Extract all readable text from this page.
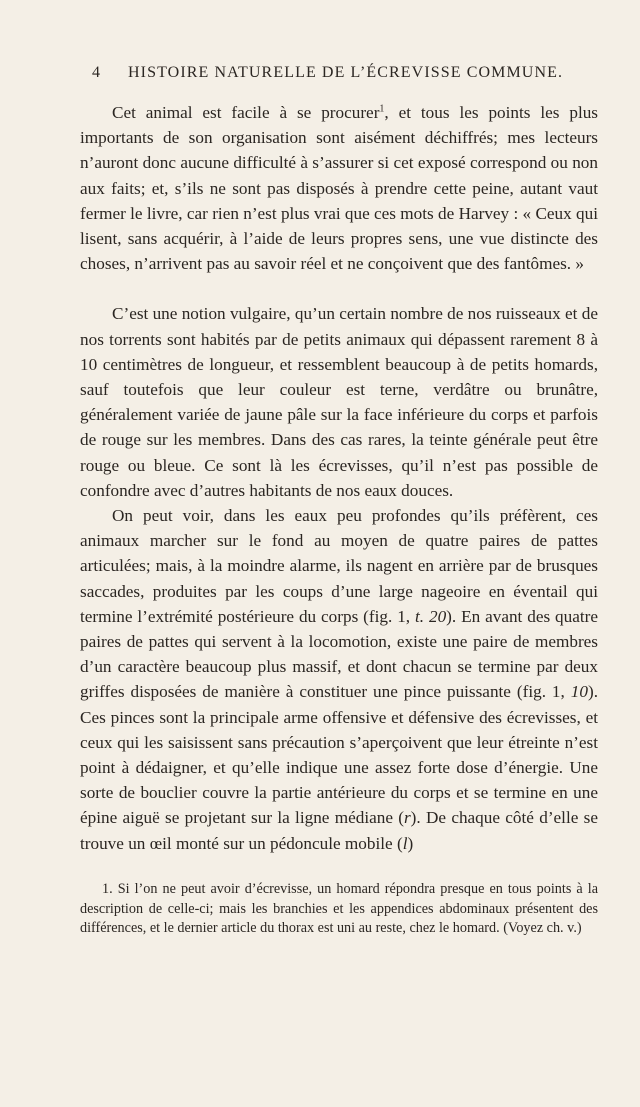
4 HISTOIRE NATURELLE DE L’ÉCREVISSE COMMUNE.

Cet animal est facile à se procurer$^1$, et tous les points les plus importants de son organisation sont aisément déchiffrés; mes lecteurs n’auront donc aucune difficulté à s’assurer si cet exposé correspond ou non aux faits; et, s’ils ne sont pas disposés à prendre cette peine, autant vaut fermer le livre, car rien n’est plus vrai que ces mots de Harvey : « Ceux qui lisent, sans acquérir, à l’aide de leurs propres sens, une vue distincte des choses, n’arrivent pas au savoir réel et ne conçoivent que des fantômes. »

C’est une notion vulgaire, qu’un certain nombre de nos ruisseaux et de nos torrents sont habités par de petits animaux qui dépassent rarement 8 à 10 centimètres de longueur, et ressemblent beaucoup à de petits homards, sauf toutefois que leur couleur est terne, verdâtre ou brunâtre, généralement variée de jaune pâle sur la face inférieure du corps et parfois de rouge sur les membres. Dans des cas rares, la teinte générale peut être rouge ou bleue. Ce sont là les écrevisses, qu’il n’est pas possible de confondre avec d’autres habitants de nos eaux douces.

On peut voir, dans les eaux peu profondes qu’ils préfèrent, ces animaux marcher sur le fond au moyen de quatre paires de pattes articulées; mais, à la moindre alarme, ils nagent en arrière par de brusques saccades, produites par les coups d’une large nageoire en éventail qui termine l’extrémité postérieure du corps (fig. 1, t. 20). En avant des quatre paires de pattes qui servent à la locomotion, existe une paire de membres d’un caractère beaucoup plus massif, et dont chacun se termine par deux griffes disposées de manière à constituer une pince puissante (fig. 1, 10). Ces pinces sont la principale arme offensive et défensive des écrevisses, et ceux qui les saisissent sans précaution s’aperçoivent que leur étreinte n’est point à dédaigner, et qu’elle indique une assez forte dose d’énergie. Une sorte de bouclier couvre la partie antérieure du corps et se termine en une épine aiguë se projetant sur la ligne médiane (r). De chaque côté d’elle se trouve un œil monté sur un pédoncule mobile (l)

1. Si l’on ne peut avoir d’écrevisse, un homard répondra presque en tous points à la description de celle-ci; mais les branchies et les appendices abdominaux présentent des différences, et le dernier article du thorax est uni au reste, chez le homard. (Voyez ch. v.)
